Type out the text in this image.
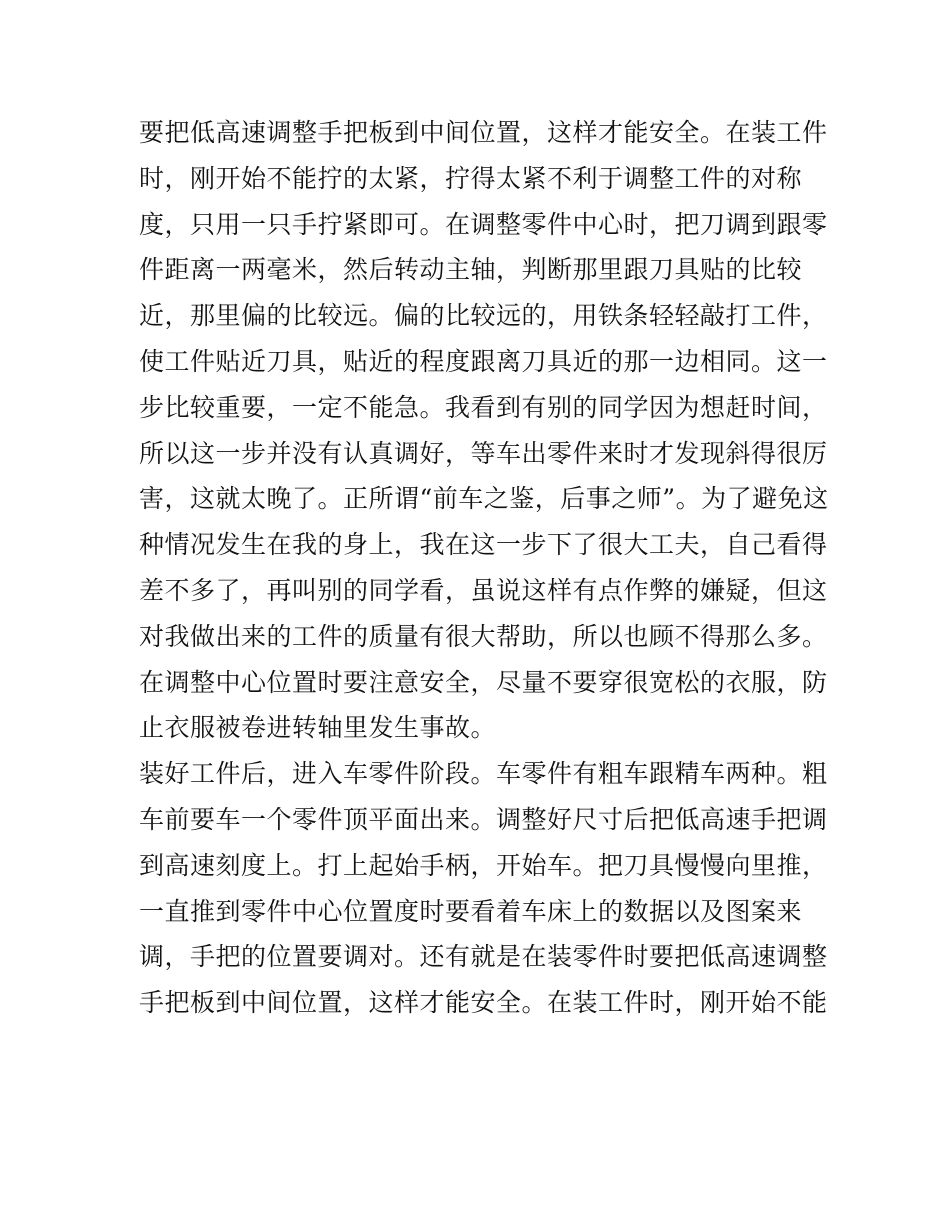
要把低高速调整手把板到中间位置，这样才能安全。在装工件
时，刚开始不能拧的太紧，拧得太紧不利于调整工件的对称
度，只用一只手拧紧即可。在调整零件中心时，把刀调到跟零
件距离一两毫米，然后转动主轴，判断那里跟刀具贴的比较
近，那里偏的比较远。偏的比较远的，用铁条轻轻敲打工件，
使工件贴近刀具，贴近的程度跟离刀具近的那一边相同。这一
步比较重要，一定不能急。我看到有别的同学因为想赶时间，
所以这一步并没有认真调好，等车出零件来时才发现斜得很厉
害，这就太晚了。正所谓“前车之鉴，后事之师”。为了避免这
种情况发生在我的身上，我在这一步下了很大工夫，自己看得
差不多了，再叫别的同学看，虽说这样有点作弊的嫌疑，但这
对我做出来的工件的质量有很大帮助，所以也顾不得那么多。
在调整中心位置时要注意安全，尽量不要穿很宽松的衣服，防
止衣服被卷进转轴里发生事故。
装好工件后，进入车零件阶段。车零件有粗车跟精车两种。粗
车前要车一个零件顶平面出来。调整好尺寸后把低高速手把调
到高速刻度上。打上起始手柄，开始车。把刀具慢慢向里推，
一直推到零件中心位置度时要看着车床上的数据以及图案来
调，手把的位置要调对。还有就是在装零件时要把低高速调整
手把板到中间位置，这样才能安全。在装工件时，刚开始不能
